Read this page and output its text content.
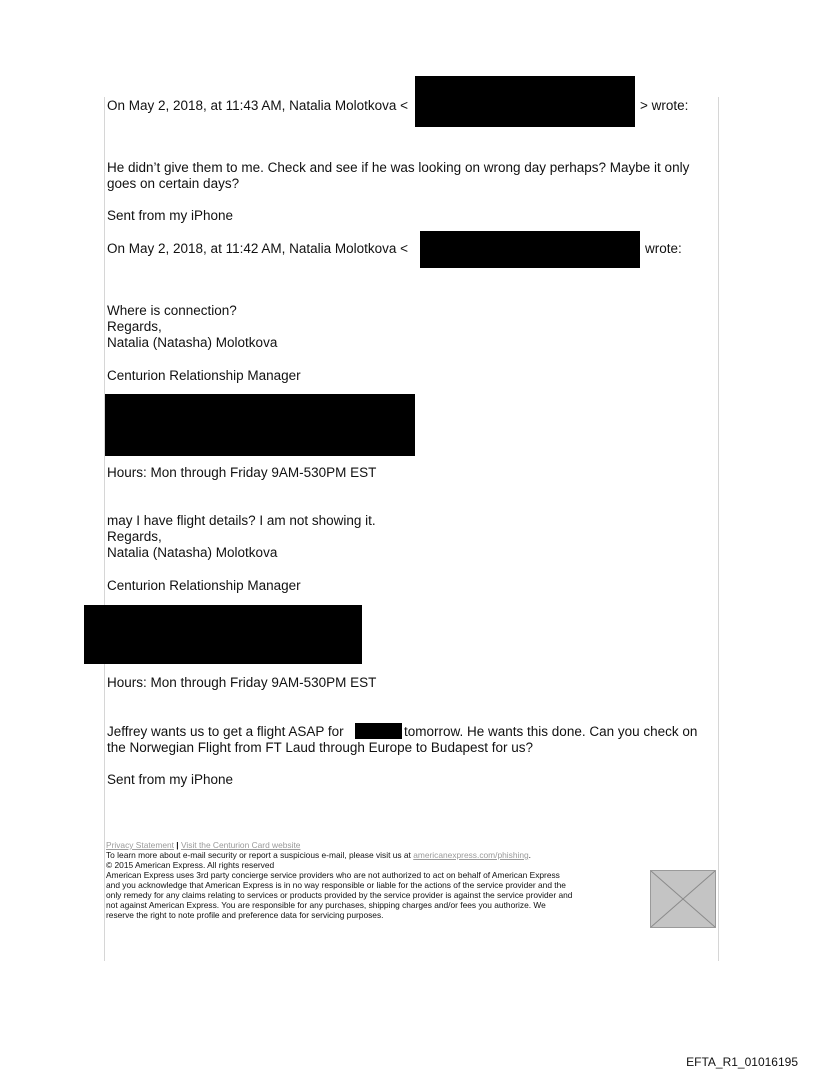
On May 2, 2018, at 11:43 AM, Natalia Molotkova <	> wrote:
He didn’t give them to me. Check and see if he was looking on wrong day perhaps? Maybe it only
goes on certain days?
Sent from my iPhone
On May 2, 2018, at 11:42 AM, Natalia Molotkova <	wrote:
Where is connection?
Regards,
Natalia (Natasha) Molotkova
Centurion Relationship Manager
Hours: Mon through Friday 9AM-530PM EST
may I have flight details? I am not showing it.
Regards,
Natalia (Natasha) Molotkova
Centurion Relationship Manager
Hours: Mon through Friday 9AM-530PM EST
Jeffrey wants us to get a flight ASAP for	tomorrow. He wants this done. Can you check on
the Norwegian Flight from FT Laud through Europe to Budapest for us?
Sent from my iPhone
Privacy Statement | Visit the Centurion Card website
To learn more about e-mail security or report a suspicious e-mail, please visit us at americanexpress.com/phishing.
© 2015 American Express. All rights reserved
American Express uses 3rd party concierge service providers who are not authorized to act on behalf of American Express
and you acknowledge that American Express is in no way responsible or liable for the actions of the service provider and the
only remedy for any claims relating to services or products provided by the service provider is against the service provider and
not against American Express. You are responsible for any purchases, shipping charges and/or fees you authorize. We
reserve the right to note profile and preference data for servicing purposes.
EFTA_R1_01016195
